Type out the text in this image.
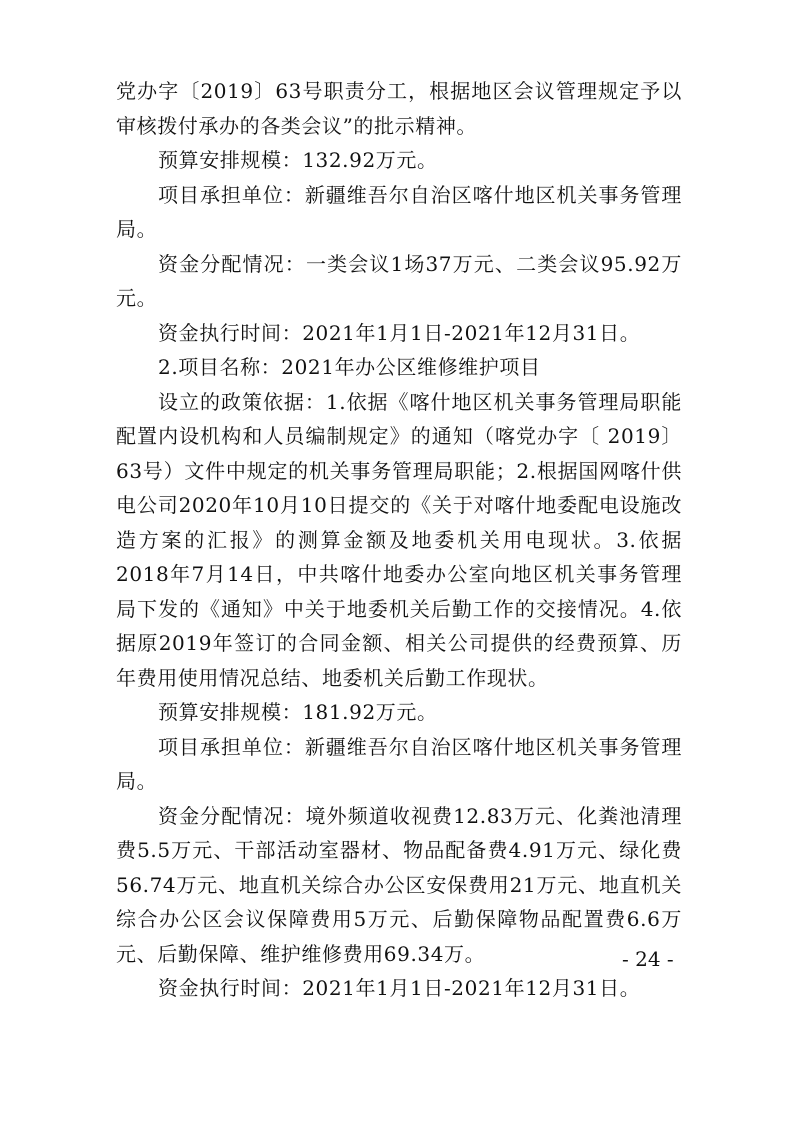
党办字〔2019〕63号职责分工，根据地区会议管理规定予以审核拨付承办的各类会议”的批示精神。

预算安排规模：132.92万元。

项目承担单位：新疆维吾尔自治区喀什地区机关事务管理局。

资金分配情况：一类会议1场37万元、二类会议95.92万元。

资金执行时间：2021年1月1日-2021年12月31日。

2.项目名称：2021年办公区维修维护项目

设立的政策依据：1.依据《喀什地区机关事务管理局职能配置内设机构和人员编制规定》的通知（喀党办字〔 2019〕63号）文件中规定的机关事务管理局职能；2.根据国网喀什供电公司2020年10月10日提交的《关于对喀什地委配电设施改造方案的汇报》的测算金额及地委机关用电现状。3.依据2018年7月14日，中共喀什地委办公室向地区机关事务管理局下发的《通知》中关于地委机关后勤工作的交接情况。4.依据原2019年签订的合同金额、相关公司提供的经费预算、历年费用使用情况总结、地委机关后勤工作现状。

预算安排规模：181.92万元。

项目承担单位：新疆维吾尔自治区喀什地区机关事务管理局。

资金分配情况：境外频道收视费12.83万元、化粪池清理费5.5万元、干部活动室器材、物品配备费4.91万元、绿化费56.74万元、地直机关综合办公区安保费用21万元、地直机关综合办公区会议保障费用5万元、后勤保障物品配置费6.6万元、后勤保障、维护维修费用69.34万。

资金执行时间：2021年1月1日-2021年12月31日。

- 24 -
